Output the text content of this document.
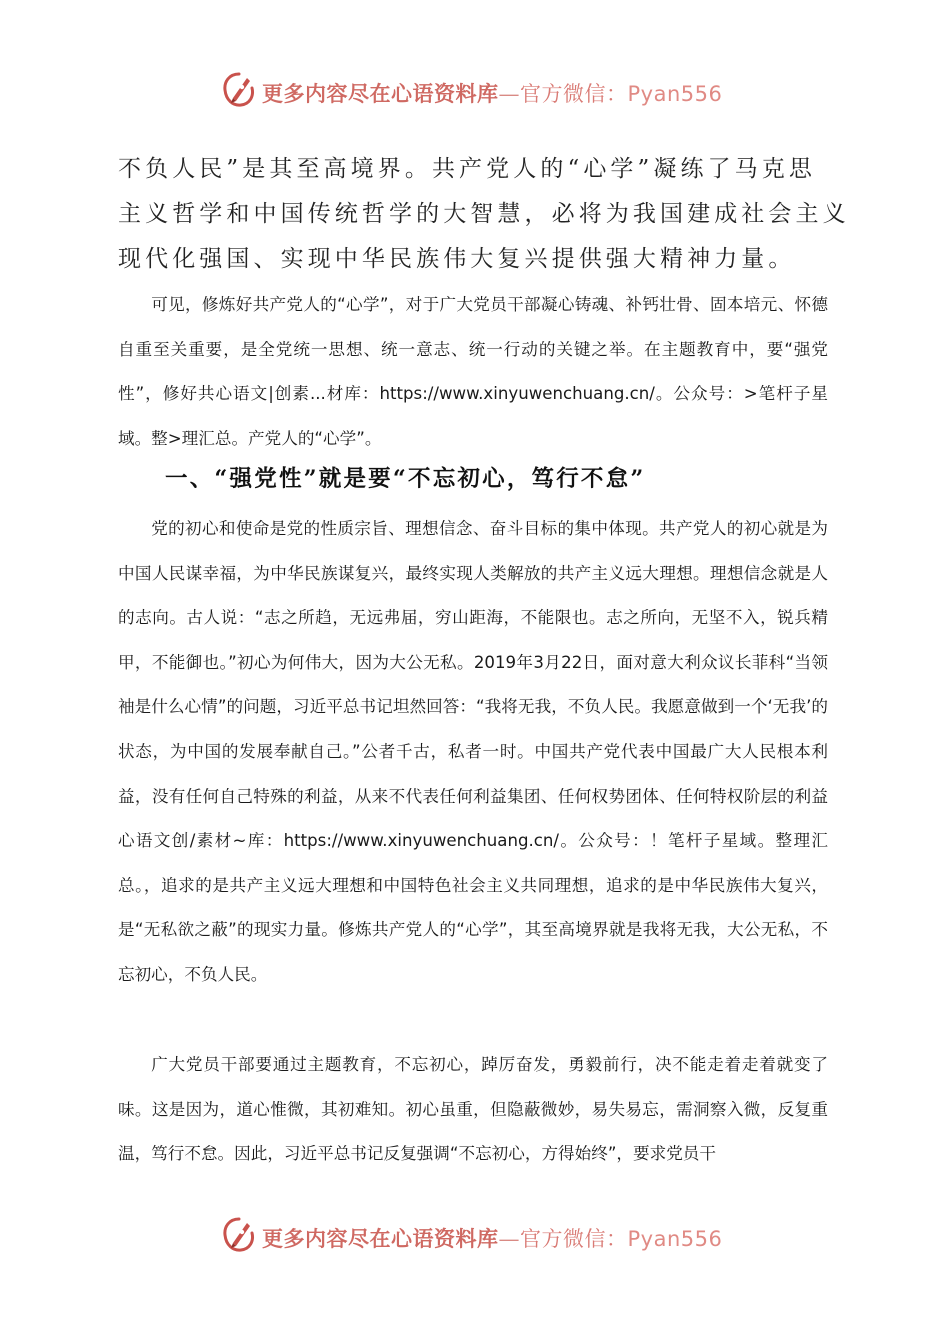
更多内容尽在心语资料库—官方微信：Pyan556
不负人民”是其至高境界。共产党人的“心学”凝练了马克思
主义哲学和中国传统哲学的大智慧，必将为我国建成社会主义
现代化强国、实现中华民族伟大复兴提供强大精神力量。
可见，修炼好共产党人的“心学”，对于广大党员干部凝心铸魂、补钙壮骨、固本培元、怀德自重至关重要，是全党统一思想、统一意志、统一行动的关键之举。在主题教育中，要“强党性”，修好共心语文|创素...材库：https://www.xinyuwenchuang.cn/。公众号：>笔杆子星域。整>理汇总。产党人的“心学”。
一、“强党性”就是要“不忘初心，笃行不怠”
党的初心和使命是党的性质宗旨、理想信念、奋斗目标的集中体现。共产党人的初心就是为中国人民谋幸福，为中华民族谋复兴，最终实现人类解放的共产主义远大理想。理想信念就是人的志向。古人说：“志之所趋，无远弗届，穷山距海，不能限也。志之所向，无坚不入，锐兵精甲，不能御也。”初心为何伟大，因为大公无私。2019年3月22日，面对意大利众议长菲科“当领袖是什么心情”的问题，习近平总书记坦然回答：“我将无我，不负人民。我愿意做到一个‘无我’的状态，为中国的发展奉献自己。”公者千古，私者一时。中国共产党代表中国最广大人民根本利益，没有任何自己特殊的利益，从来不代表任何利益集团、任何权势团体、任何特权阶层的利益心语文创/素材~库：https://www.xinyuwenchuang.cn/。公众号：！笔杆子星域。整理汇总。，追求的是共产主义远大理想和中国特色社会主义共同理想，追求的是中华民族伟大复兴，是“无私欲之蔽”的现实力量。修炼共产党人的“心学”，其至高境界就是我将无我，大公无私，不忘初心，不负人民。
广大党员干部要通过主题教育，不忘初心，踔厉奋发，勇毅前行，决不能走着走着就变了味。这是因为，道心惟微，其初难知。初心虽重，但隐蔽微妙，易失易忘，需洞察入微，反复重温，笃行不怠。因此，习近平总书记反复强调“不忘初心，方得始终”，要求党员干
更多内容尽在心语资料库—官方微信：Pyan556
